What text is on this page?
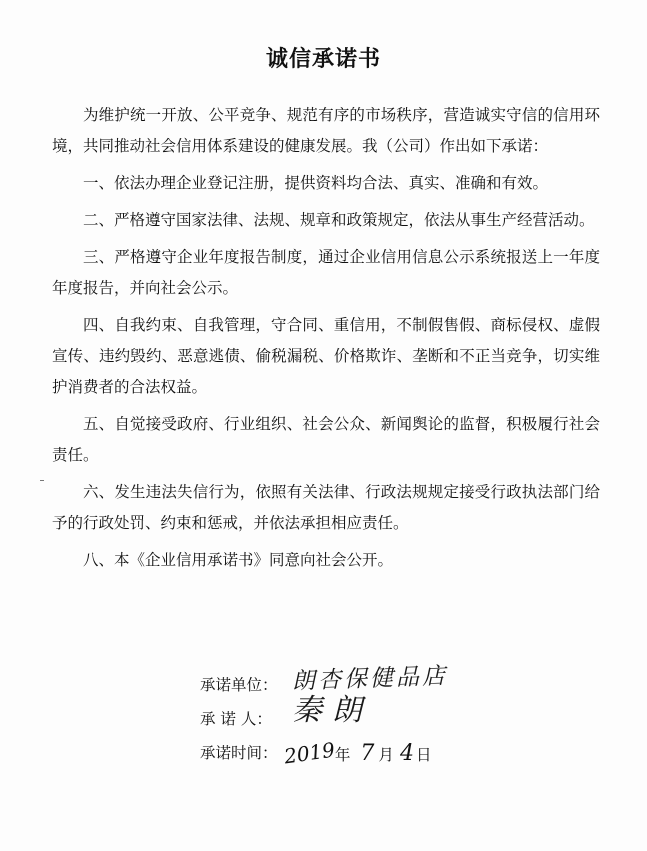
诚信承诺书

为维护统一开放、公平竞争、规范有序的市场秩序，营造诚实守信的信用环境，共同推动社会信用体系建设的健康发展。我（公司）作出如下承诺：

一、依法办理企业登记注册，提供资料均合法、真实、准确和有效。

二、严格遵守国家法律、法规、规章和政策规定，依法从事生产经营活动。

三、严格遵守企业年度报告制度，通过企业信用信息公示系统报送上一年度年度报告，并向社会公示。

四、自我约束、自我管理，守合同、重信用，不制假售假、商标侵权、虚假宣传、违约毁约、恶意逃债、偷税漏税、价格欺诈、垄断和不正当竞争，切实维护消费者的合法权益。

五、自觉接受政府、行业组织、社会公众、新闻舆论的监督，积极履行社会责任。

六、发生违法失信行为，依照有关法律、行政法规规定接受行政执法部门给予的行政处罚、约束和惩戒，并依法承担相应责任。

八、本《企业信用承诺书》同意向社会公开。

承诺单位： 朗杏保健品店
承 诺 人： 秦朗
承诺时间： 2019年 7 月 4 日
